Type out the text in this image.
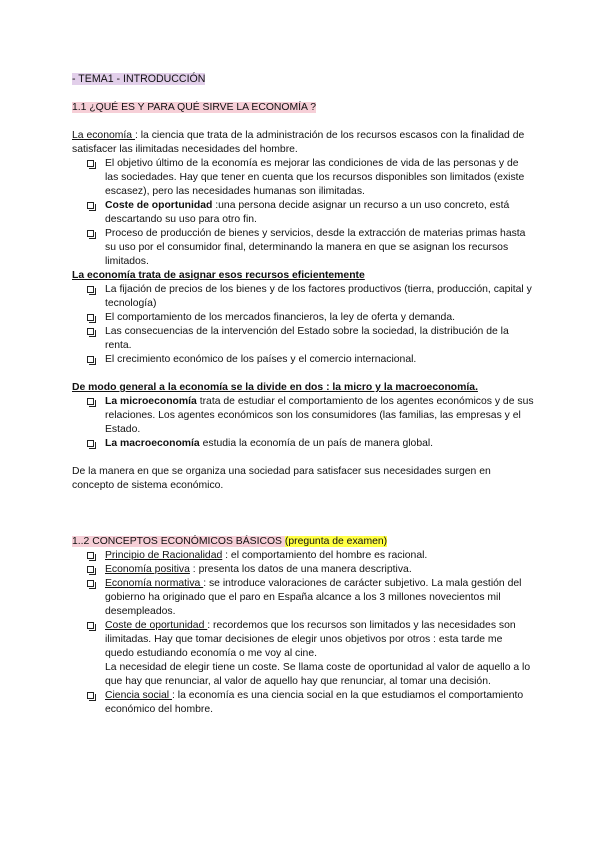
- TEMA1 - INTRODUCCIÓN

1.1 ¿QUÉ ES Y PARA QUÉ SIRVE LA ECONOMÍA ?

La economía : la ciencia que trata de la administración de los recursos escasos con la finalidad de satisfacer las ilimitadas necesidades del hombre.

El objetivo último de la economía es mejorar las condiciones de vida de las personas y de las sociedades. Hay que tener en cuenta que los recursos disponibles son limitados (existe escasez), pero las necesidades humanas son ilimitadas.
Coste de oportunidad :una persona decide asignar un recurso a un uso concreto, está descartando su uso para otro fin.
Proceso de producción de bienes y servicios, desde la extracción de materias primas hasta su uso por el consumidor final, determinando la manera en que se asignan los recursos limitados.

La economía trata de asignar esos recursos eficientemente

La fijación de precios de los bienes y de los factores productivos (tierra, producción, capital y tecnología)
El comportamiento de los mercados financieros, la ley de oferta y demanda.
Las consecuencias de la intervención del Estado sobre la sociedad, la distribución de la renta.
El crecimiento económico de los países y el comercio internacional.

De modo general a la economía se la divide en dos : la micro y la macroeconomía.

La microeconomía trata de estudiar el comportamiento de los agentes económicos y de sus relaciones. Los agentes económicos son los consumidores (las familias, las empresas y el Estado.
La macroeconomía estudia la economía de un país de manera global.

De la manera en que se organiza una sociedad para satisfacer sus necesidades surgen en concepto de sistema económico.

1..2 CONCEPTOS ECONÓMICOS BÁSICOS (pregunta de examen)

Principio de Racionalidad : el comportamiento del hombre es racional.
Economía positiva : presenta los datos de una manera descriptiva.
Economía normativa : se introduce valoraciones de carácter subjetivo. La mala gestión del gobierno ha originado que el paro en España alcance a los 3 millones novecientos mil desempleados.
Coste de oportunidad : recordemos que los recursos son limitados y las necesidades son ilimitadas. Hay que tomar decisiones de elegir unos objetivos por otros : esta tarde me quedo estudiando economía o me voy al cine.
La necesidad de elegir tiene un coste. Se llama coste de oportunidad al valor de aquello a lo que hay que renunciar, al valor de aquello hay que renunciar, al tomar una decisión.
Ciencia social : la economía es una ciencia social en la que estudiamos el comportamiento económico del hombre.
